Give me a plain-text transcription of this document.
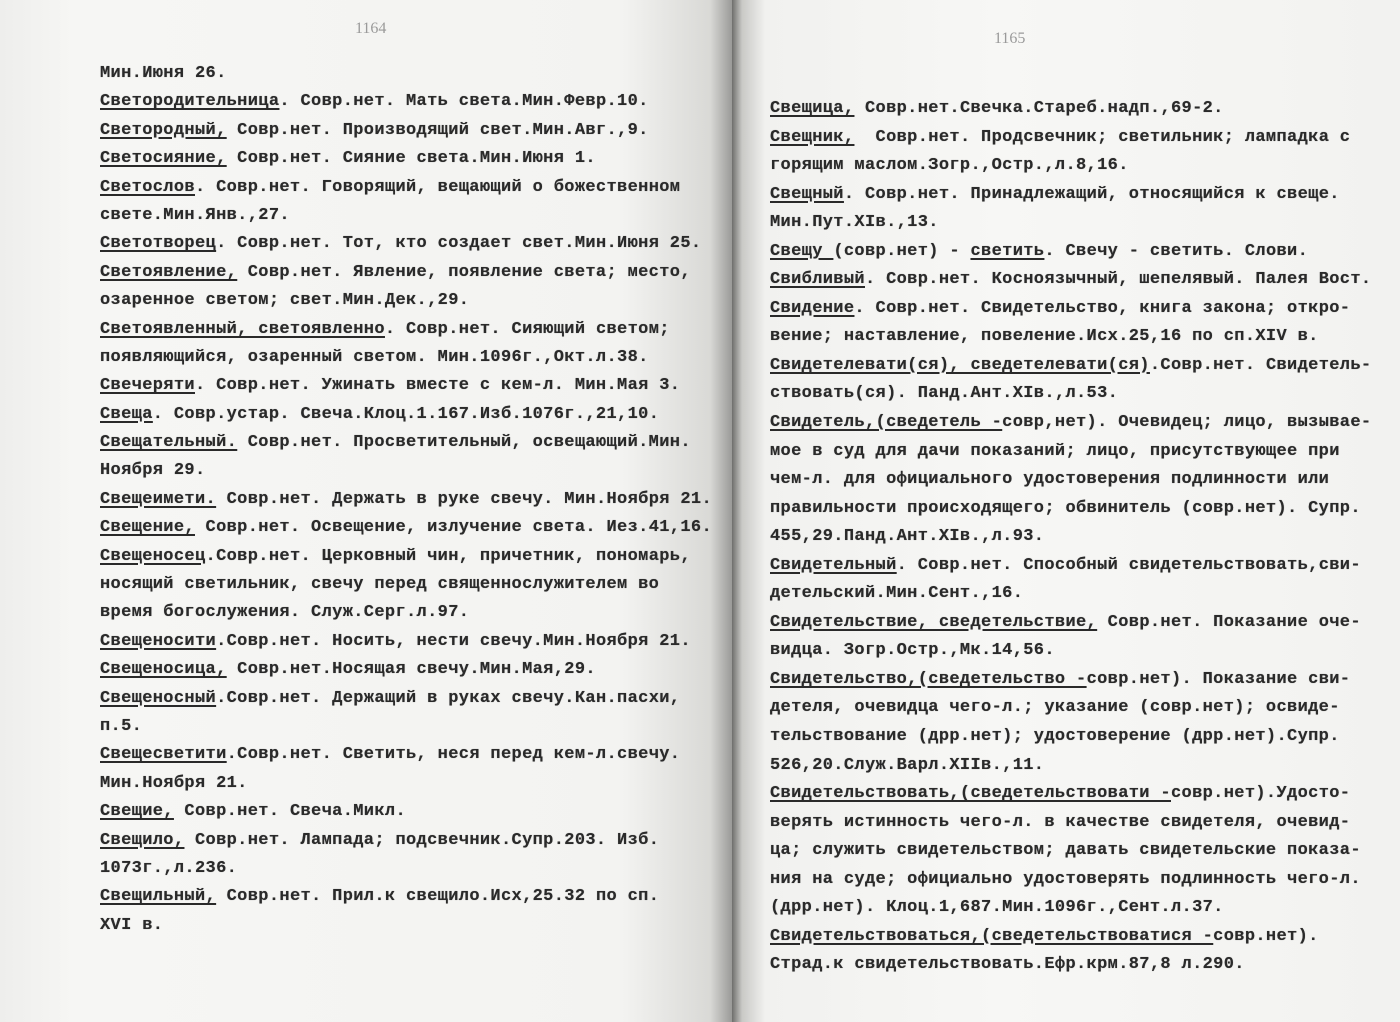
1164
Мин.Июня 26.
Светородительница. Совр.нет. Мать света.Мин.Февр.10.
Светородный, Совр.нет. Производящий свет.Мин.Авг.,9.
Светосияние, Совр.нет. Сияние света.Мин.Июня 1.
Светослов. Совр.нет. Говорящий, вещающий о божественном
свете.Мин.Янв.,27.
Светотворец. Совр.нет. Тот, кто создает свет.Мин.Июня 25.
Светоявление, Совр.нет. Явление, появление света; место,
озаренное светом; свет.Мин.Дек.,29.
Светоявленный, светоявленно. Совр.нет. Сияющий светом;
появляющийся, озаренный светом. Мин.1096г.,Окт.л.38.
Свечеряти. Совр.нет. Ужинать вместе с кем-л. Мин.Мая 3.
Свеща. Совр.устар. Свеча.Клоц.1.167.Изб.1076г.,21,10.
Свещательный. Совр.нет. Просветительный, освещающий.Мин.
Ноября 29.
Свещеимети. Совр.нет. Держать в руке свечу. Мин.Ноября 21.
Свещение, Совр.нет. Освещение, излучение света. Иез.41,16.
Свещеносец.Совр.нет. Церковный чин, причетник, пономарь,
носящий светильник, свечу перед священнослужителем во
время богослужения. Служ.Серг.л.97.
Свещеносити.Совр.нет. Носить, нести свечу.Мин.Ноября 21.
Свещеносица, Совр.нет.Носящая свечу.Мин.Мая,29.
Свещеносный.Совр.нет. Держащий в руках свечу.Кан.пасхи,
п.5.
Свещесветити.Совр.нет. Светить, неся перед кем-л.свечу.
Мин.Ноября 21.
Свещие, Совр.нет. Свеча.Микл.
Свещило, Совр.нет. Лампада; подсвечник.Супр.203. Изб.
1073г.,л.236.
Свещильный, Совр.нет. Прил.к свещило.Исх,25.32 по сп.
XVI в.
1165
Свещица, Совр.нет.Свечка.Стареб.надп.,69-2.
Свещник,  Совр.нет. Продсвечник; светильник; лампадка с
горящим маслом.Зогр.,Остр.,л.8,16.
Свещный. Совр.нет. Принадлежащий, относящийся к свеще.
Мин.Пут.XIв.,13.
Свещу (совр.нет) - светить. Свечу - светить. Слови.
Свибливый. Совр.нет. Косноязычный, шепелявый. Палея Вост.
Свидение. Совр.нет. Свидетельство, книга закона; откро-
вение; наставление, повеление.Исх.25,16 по сп.XIV в.
Свидетелевати(ся), сведетелевати(ся).Совр.нет. Свидетель-
ствовать(ся). Панд.Ант.XIв.,л.53.
Свидетель,(сведетель -совр,нет). Очевидец; лицо, вызывае-
мое в суд для дачи показаний; лицо, присутствующее при
чем-л. для официального удостоверения подлинности или
правильности происходящего; обвинитель (совр.нет). Супр.
455,29.Панд.Ант.XIв.,л.93.
Свидетельный. Совр.нет. Способный свидетельствовать,сви-
детельский.Мин.Сент.,16.
Свидетельствие, сведетельствие, Совр.нет. Показание оче-
видца. Зогр.Остр.,Мк.14,56.
Свидетельство,(сведетельство -совр.нет). Показание сви-
детеля, очевидца чего-л.; указание (совр.нет); освиде-
тельствование (дрр.нет); удостоверение (дрр.нет).Супр.
526,20.Служ.Варл.XIIв.,11.
Свидетельствовать,(сведетельствовати -совр.нет).Удосто-
верять истинность чего-л. в качестве свидетеля, очевид-
ца; служить свидетельством; давать свидетельские показа-
ния на суде; официально удостоверять подлинность чего-л.
(дрр.нет). Клоц.1,687.Мин.1096г.,Сент.л.37.
Свидетельствоваться,(сведетельствоватися -совр.нет).
Страд.к свидетельствовать.Ефр.крм.87,8 л.290.
